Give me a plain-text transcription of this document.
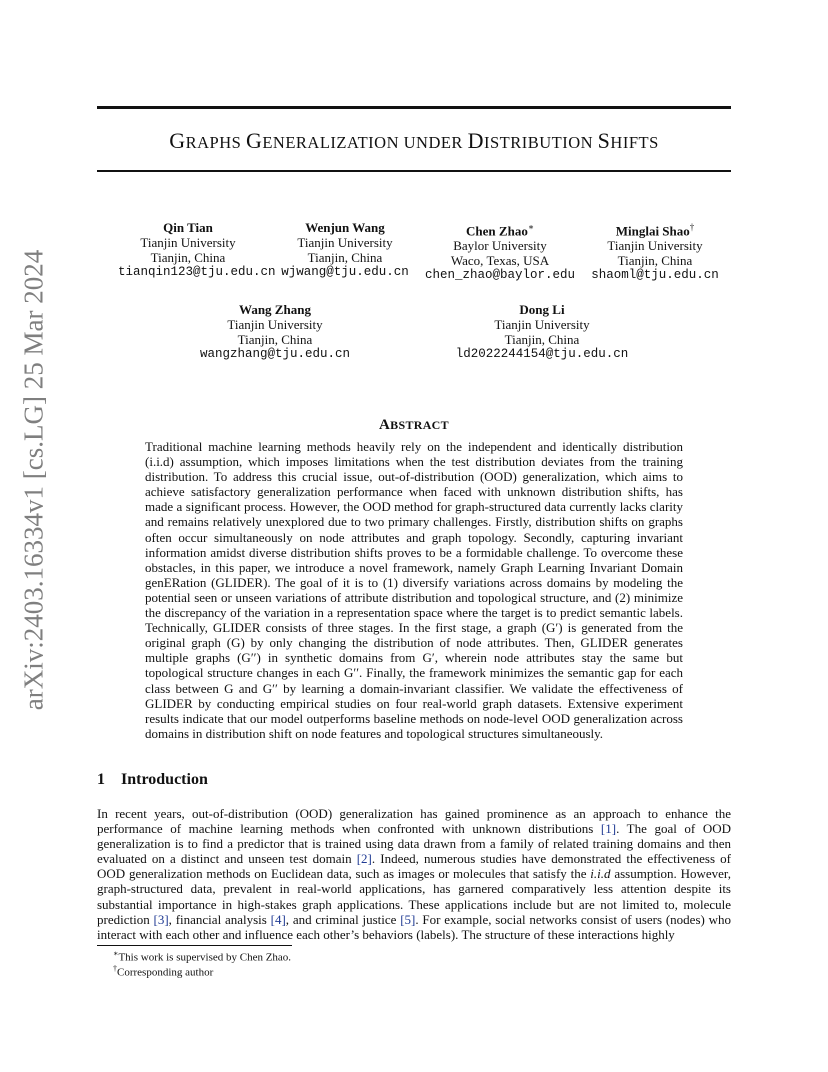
arXiv:2403.16334v1 [cs.LG] 25 Mar 2024
GRAPHS GENERALIZATION UNDER DISTRIBUTION SHIFTS
Qin Tian
Tianjin University
Tianjin, China
tianqin123@tju.edu.cn
Wenjun Wang
Tianjin University
Tianjin, China
wjwang@tju.edu.cn
Chen Zhao∗
Baylor University
Waco, Texas, USA
chen_zhao@baylor.edu
Minglai Shao†
Tianjin University
Tianjin, China
shaoml@tju.edu.cn
Wang Zhang
Tianjin University
Tianjin, China
wangzhang@tju.edu.cn
Dong Li
Tianjin University
Tianjin, China
ld2022244154@tju.edu.cn
ABSTRACT

Traditional machine learning methods heavily rely on the independent and identically distribution (i.i.d) assumption, which imposes limitations when the test distribution deviates from the training distribution. To address this crucial issue, out-of-distribution (OOD) generalization, which aims to achieve satisfactory generalization performance when faced with unknown distribution shifts, has made a significant process. However, the OOD method for graph-structured data currently lacks clarity and remains relatively unexplored due to two primary challenges. Firstly, distribution shifts on graphs often occur simultaneously on node attributes and graph topology. Secondly, capturing invariant information amidst diverse distribution shifts proves to be a formidable challenge. To overcome these obstacles, in this paper, we introduce a novel framework, namely Graph Learning Invariant Domain genERation (GLIDER). The goal of it is to (1) diversify variations across domains by modeling the potential seen or unseen variations of attribute distribution and topological structure, and (2) minimize the discrepancy of the variation in a representation space where the target is to predict semantic labels. Technically, GLIDER consists of three stages. In the first stage, a graph (G′) is generated from the original graph (G) by only changing the distribution of node attributes. Then, GLIDER generates multiple graphs (G′′) in synthetic domains from G′, wherein node attributes stay the same but topological structure changes in each G′′. Finally, the framework minimizes the semantic gap for each class between G and G′′ by learning a domain-invariant classifier. We validate the effectiveness of GLIDER by conducting empirical studies on four real-world graph datasets. Extensive experiment results indicate that our model outperforms baseline methods on node-level OOD generalization across domains in distribution shift on node features and topological structures simultaneously.

1 Introduction

In recent years, out-of-distribution (OOD) generalization has gained prominence as an approach to enhance the performance of machine learning methods when confronted with unknown distributions [1]. The goal of OOD generalization is to find a predictor that is trained using data drawn from a family of related training domains and then evaluated on a distinct and unseen test domain [2]. Indeed, numerous studies have demonstrated the effectiveness of OOD generalization methods on Euclidean data, such as images or molecules that satisfy the i.i.d assumption. However, graph-structured data, prevalent in real-world applications, has garnered comparatively less attention despite its substantial importance in high-stakes graph applications. These applications include but are not limited to, molecule prediction [3], financial analysis [4], and criminal justice [5]. For example, social networks consist of users (nodes) who interact with each other and influence each other’s behaviors (labels). The structure of these interactions highly

∗This work is supervised by Chen Zhao.
†Corresponding author
